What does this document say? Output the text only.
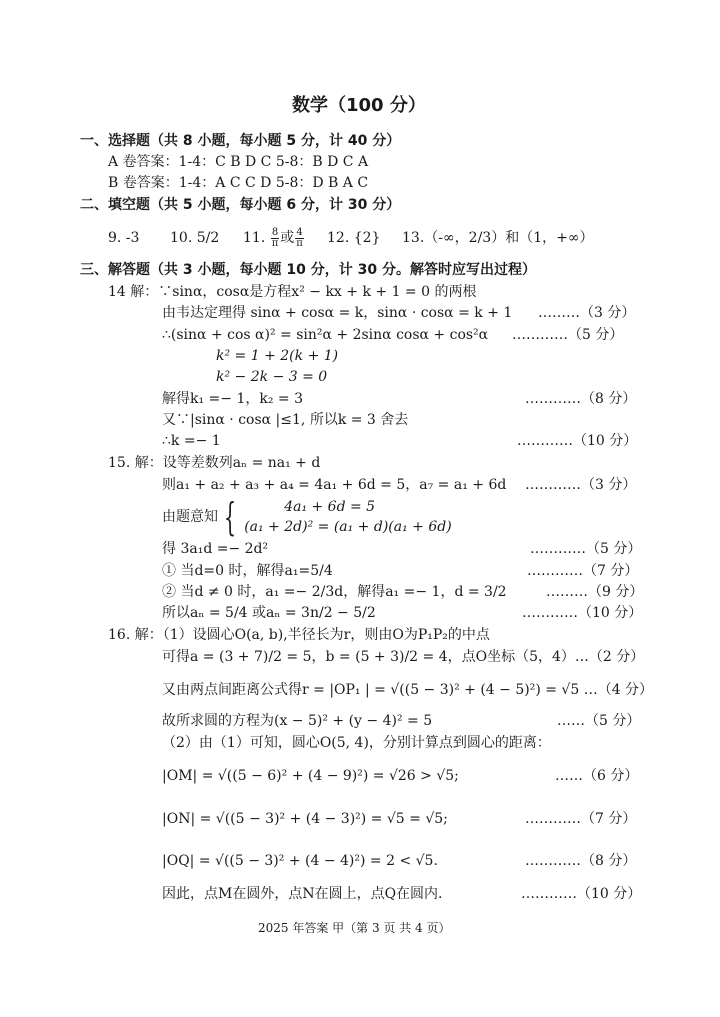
数学（100 分）
一、选择题（共 8 小题，每小题 5 分，计 40 分）
A 卷答案：1-4：C B D C 5-8：B D C A
B 卷答案：1-4：A C C D 5-8：D B A C
二、填空题（共 5 小题，每小题 6 分，计 30 分）
9. -3 10. 5/2 11. $\frac{8}{\pi}$ 或 $\frac{4}{\pi} 12$. {2} 13.（-∞，2/3）和（1，+∞）
三、解答题（共 3 小题，每小题 10 分，计 30 分。解答时应写出过程）
14 解：∵sinα，cosα是方程x² − kx + k + 1 = 0 的两根
由韦达定理得 sinα + cosα = k，sinα · cosα = k + 1 ………（3 分）
∴(sinα + cos α)² = sin²α + 2sinα cosα + cos²α …………（5 分）
k² = 1 + 2(k + 1)
k² − 2k − 3 = 0
解得k₁ =− 1，k₂ = 3	…………（8 分）
又∵|sinα · cosα |≤1, 所以k = 3 舍去
∴k =− 1	…………（10 分）
15. 解：设等差数列aₙ = na₁ + d
则a₁ + a₂ + a₃ + a₄ = 4a₁ + 6d = 5，a₇ = a₁ + 6d …………（3 分）
由题意知 {	4a₁ + 6d = 5
(a₁ + 2d)² = (a₁ + d)(a₁ + 6d)
得 3a₁d =− 2d²	…………（5 分）
① 当d=0 时，解得a₁=5/4	…………（7 分）
② 当d ≠ 0 时，a₁ =− 2/3d，解得a₁ =− 1，d = 3/2	………（9 分）
所以aₙ = 5/4 或aₙ = 3n/2 − 5/2	…………（10 分）
16. 解：（1）设圆心O(a, b),半径长为r，则由O为P₁P₂的中点
可得a = (3 + 7)/2 = 5，b = (5 + 3)/2 = 4，点O坐标（5，4）…（2 分）
又由两点间距离公式得r = |OP₁ | = √((5 − 3)² + (4 − 5)²) = √5 …（4 分）
故所求圆的方程为(x − 5)² + (y − 4)² = 5	……（5 分）
（2）由（1）可知，圆心O(5, 4)，分别计算点到圆心的距离：
|OM| = √((5 − 6)² + (4 − 9)²) = √26 > √5;	……（6 分）
|ON| = √((5 − 3)² + (4 − 3)²) = √5 = √5;	…………（7 分）
|OQ| = √((5 − 3)² + (4 − 4)²) = 2 < √5.	…………（8 分）
因此，点M在圆外，点N在圆上，点Q在圆内.	…………（10 分）
2025 年答案 甲（第 3 页 共 4 页）
